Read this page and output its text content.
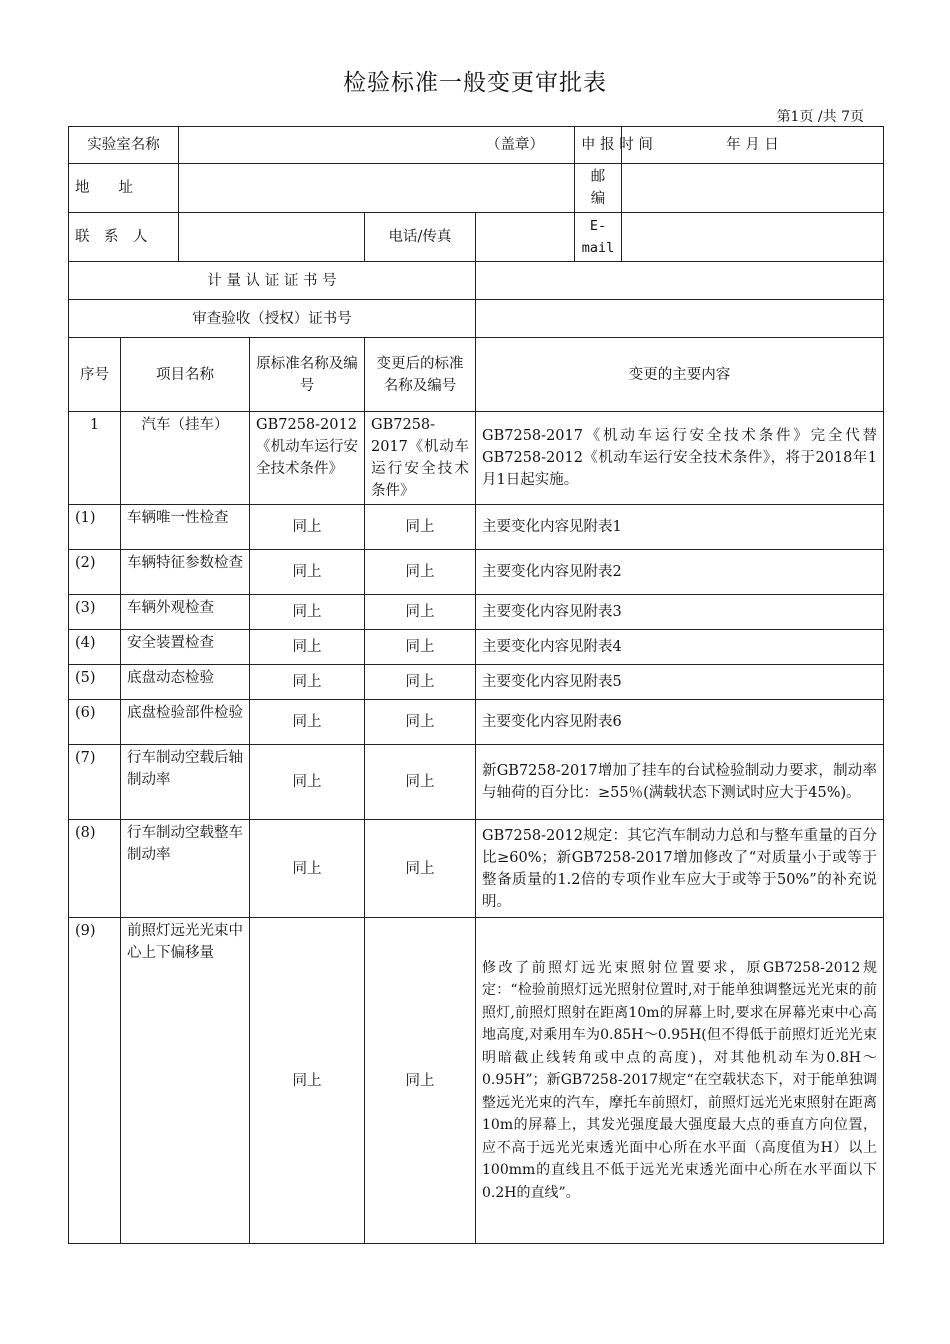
检验标准一般变更审批表
第1页 /共 7页
实验室名称		（盖章）				申 报 时 间	年 月 日
地　　址						邮　　编	
联　系　人				电话/传真		E-mail	
计 量 认 证 证 书 号							
审查验收（授权）证书号							
序号	项目名称		原标准名称及编号	变更后的标准名称及编号	变更的主要内容		
1	汽车（挂车）		GB7258-2012《机动车运行安全技术条件》	GB7258-2017《机动车运行安全技术条件》	GB7258-2017《机动车运行安全技术条件》完全代替GB7258-2012《机动车运行安全技术条件》，将于2018年1月1日起实施。		
(1)	车辆唯一性检查		同上	同上	主要变化内容见附表1		
(2)	车辆特征参数检查		同上	同上	主要变化内容见附表2		
(3)	车辆外观检查		同上	同上	主要变化内容见附表3		
(4)	安全装置检查		同上	同上	主要变化内容见附表4		
(5)	底盘动态检验		同上	同上	主要变化内容见附表5		
(6)	底盘检验部件检验		同上	同上	主要变化内容见附表6		
(7)	行车制动空载后轴制动率		同上	同上	新GB7258-2017增加了挂车的台试检验制动力要求，制动率与轴荷的百分比：≥55％(满载状态下测试时应大于45%)。		
(8)	行车制动空载整车制动率		同上	同上	GB7258-2012规定：其它汽车制动力总和与整车重量的百分比≥60%；新GB7258-2017增加修改了“对质量小于或等于整备质量的1.2倍的专项作业车应大于或等于50%”的补充说明。		
(9)	前照灯远光光束中心上下偏移量		同上	同上	修改了前照灯远光束照射位置要求，原GB7258-2012规定：“检验前照灯远光照射位置时,对于能单独调整远光光束的前照灯,前照灯照射在距离10m的屏幕上时,要求在屏幕光束中心高地高度,对乘用车为0.85H～0.95H(但不得低于前照灯近光光束明暗截止线转角或中点的高度)，对其他机动车为0.8H～0.95H”；新GB7258-2017规定“在空载状态下，对于能单独调整远光光束的汽车，摩托车前照灯，前照灯远光光束照射在距离10m的屏幕上，其发光强度最大强度最大点的垂直方向位置，应不高于远光光束透光面中心所在水平面（高度值为H）以上100mm的直线且不低于远光光束透光面中心所在水平面以下0.2H的直线”。		
